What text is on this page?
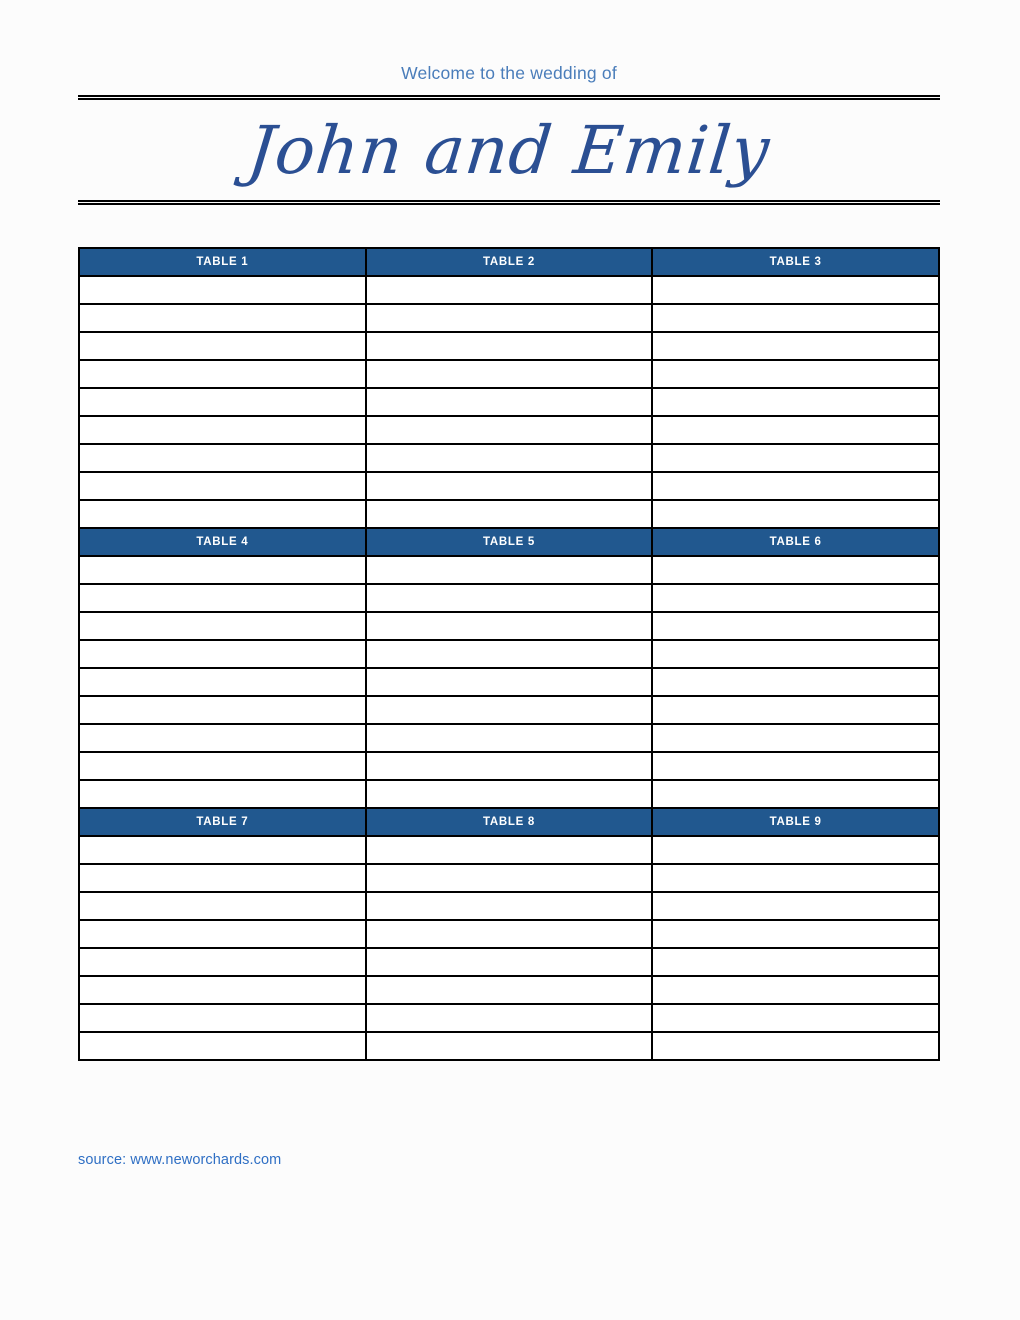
Welcome to the wedding of
John and Emily
TABLE 1	TABLE 2	TABLE 3

TABLE 4	TABLE 5	TABLE 6

TABLE 7	TABLE 8	TABLE 9

source: www.neworchards.com
